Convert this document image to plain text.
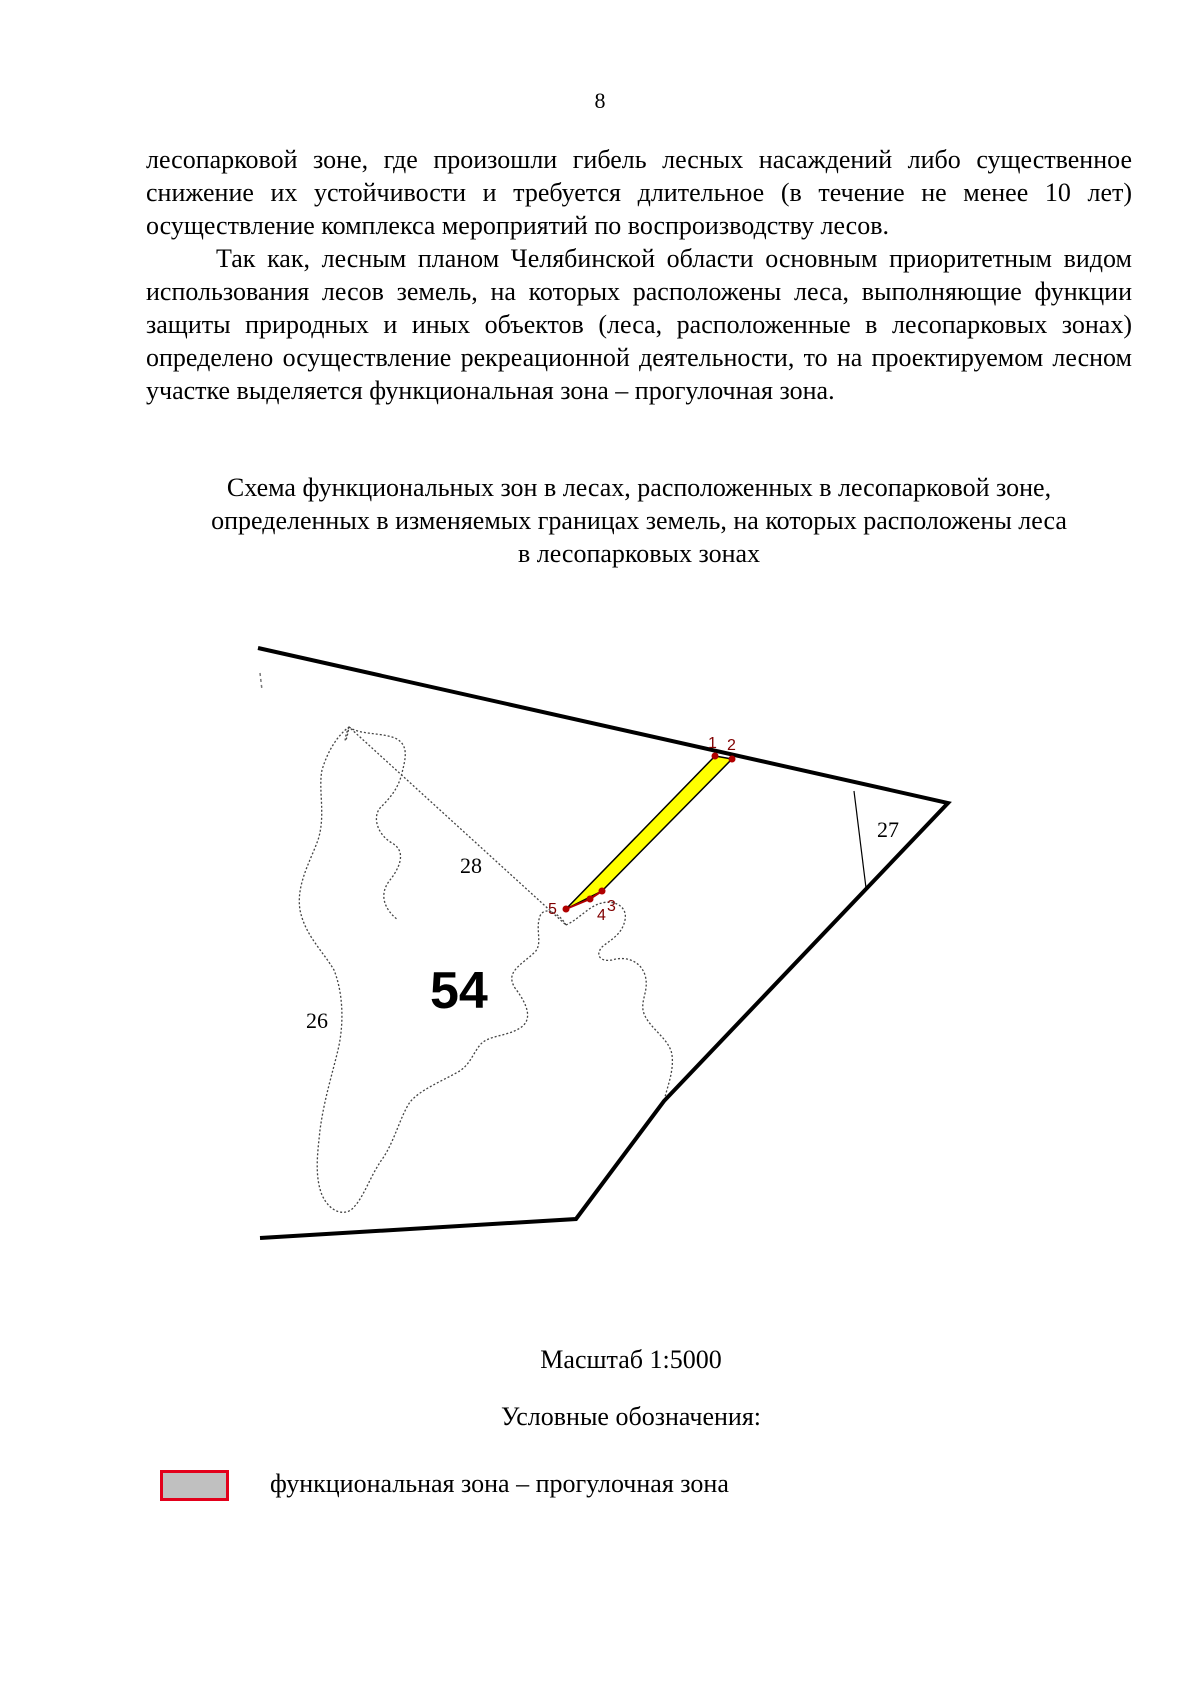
8

лесопарковой зоне, где произошли гибель лесных насаждений либо существенное снижение их устойчивости и требуется длительное (в течение не менее 10 лет) осуществление комплекса мероприятий по воспроизводству лесов.

Так как, лесным планом Челябинской области основным приоритетным видом использования лесов земель, на которых расположены леса, выполняющие функции защиты природных и иных объектов (леса, расположенные в лесопарковых зонах) определено осуществление рекреационной деятельности, то на проектируемом лесном участке выделяется функциональная зона – прогулочная зона.

Схема функциональных зон в лесах, расположенных в лесопарковой зоне,
определенных в изменяемых границах земель, на которых расположены леса
в лесопарковых зонах
1 2
3
4
5
28
27
26
54
Масштаб 1:5000
Условные обозначения:
функциональная зона – прогулочная зона
